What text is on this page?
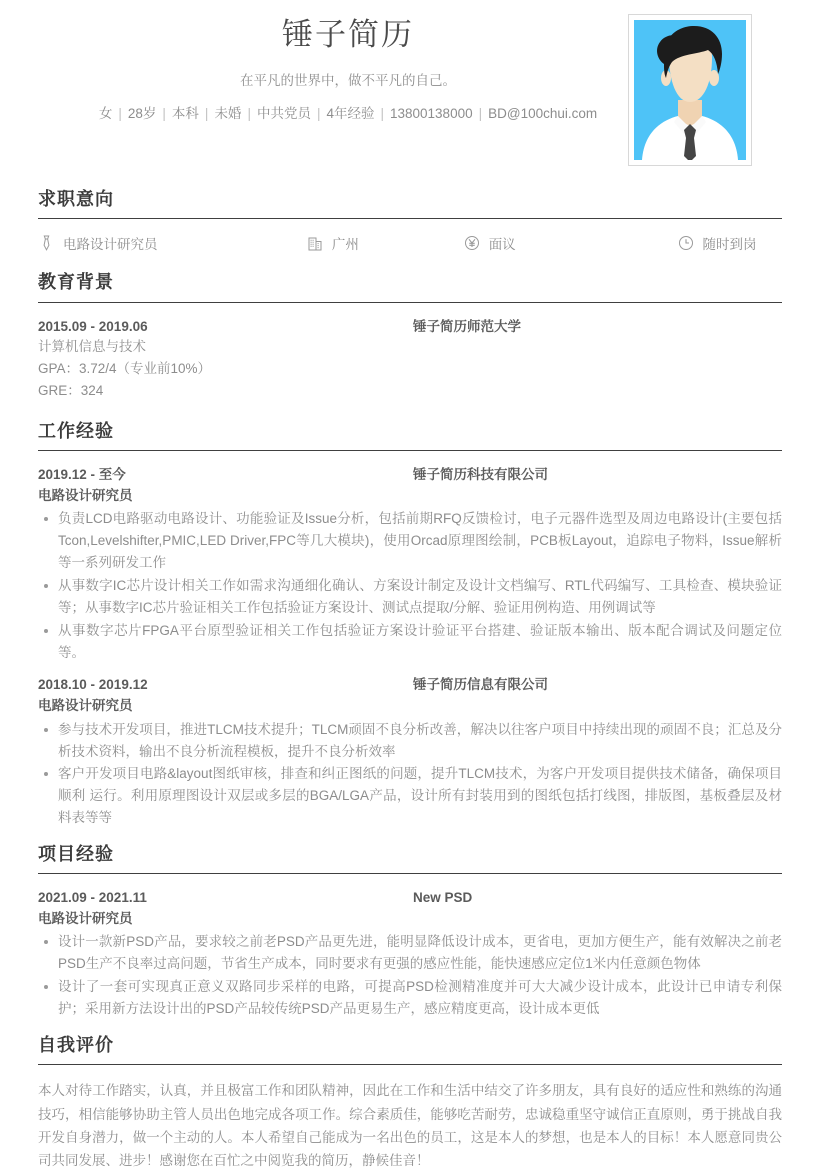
锤子简历
在平凡的世界中，做不平凡的自己。
女 | 28岁 | 本科 | 未婚 | 中共党员 | 4年经验 | 13800138000 | BD@100chui.com
求职意向
电路设计研究员	广州	面议	随时到岗
教育背景
2015.09 - 2019.06	锤子简历师范大学
计算机信息与技术
GPA：3.72/4（专业前10%）
GRE：324
工作经验
2019.12 - 至今	锤子简历科技有限公司
电路设计研究员
负责LCD电路驱动电路设计、功能验证及Issue分析，包括前期RFQ反馈检讨，电子元器件选型及周边电路设计(主要包括 Tcon,Levelshifter,PMIC,LED Driver,FPC等几大模块)，使用Orcad原理图绘制，PCB板Layout，追踪电子物料，Issue解析等一系列研发工作
从事数字IC芯片设计相关工作如需求沟通细化确认、方案设计制定及设计文档编写、RTL代码编写、工具检查、模块验证等；从事数字IC芯片验证相关工作包括验证方案设计、测试点提取/分解、验证用例构造、用例调试等
从事数字芯片FPGA平台原型验证相关工作包括验证方案设计验证平台搭建、验证版本输出、版本配合调试及问题定位等。
2018.10 - 2019.12	锤子简历信息有限公司
电路设计研究员
参与技术开发项目，推进TLCM技术提升；TLCM顽固不良分析改善，解决以往客户项目中持续出现的顽固不良；汇总及分析技术资料，输出不良分析流程模板，提升不良分析效率
客户开发项目电路&layout图纸审核，排查和纠正图纸的问题，提升TLCM技术，为客户开发项目提供技术储备，确保项目顺利 运行。利用原理图设计双层或多层的BGA/LGA产品，设计所有封装用到的图纸包括打线图，排版图，基板叠层及材料表等等
项目经验
2021.09 - 2021.11	New PSD
电路设计研究员
设计一款新PSD产品，要求较之前老PSD产品更先进，能明显降低设计成本，更省电，更加方便生产，能有效解决之前老PSD生产不良率过高问题，节省生产成本，同时要求有更强的感应性能，能快速感应定位1米内任意颜色物体
设计了一套可实现真正意义双路同步采样的电路，可提高PSD检测精准度并可大大减少设计成本，此设计已申请专利保护；采用新方法设计出的PSD产品较传统PSD产品更易生产，感应精度更高，设计成本更低
自我评价
本人对待工作踏实，认真，并且极富工作和团队精神，因此在工作和生活中结交了许多朋友，具有良好的适应性和熟练的沟通技巧，相信能够协助主管人员出色地完成各项工作。综合素质佳，能够吃苦耐劳，忠诚稳重坚守诚信正直原则，勇于挑战自我开发自身潜力，做一个主动的人。本人希望自己能成为一名出色的员工，这是本人的梦想，也是本人的目标！本人愿意同贵公司共同发展、进步！感谢您在百忙之中阅览我的简历，静候佳音！
